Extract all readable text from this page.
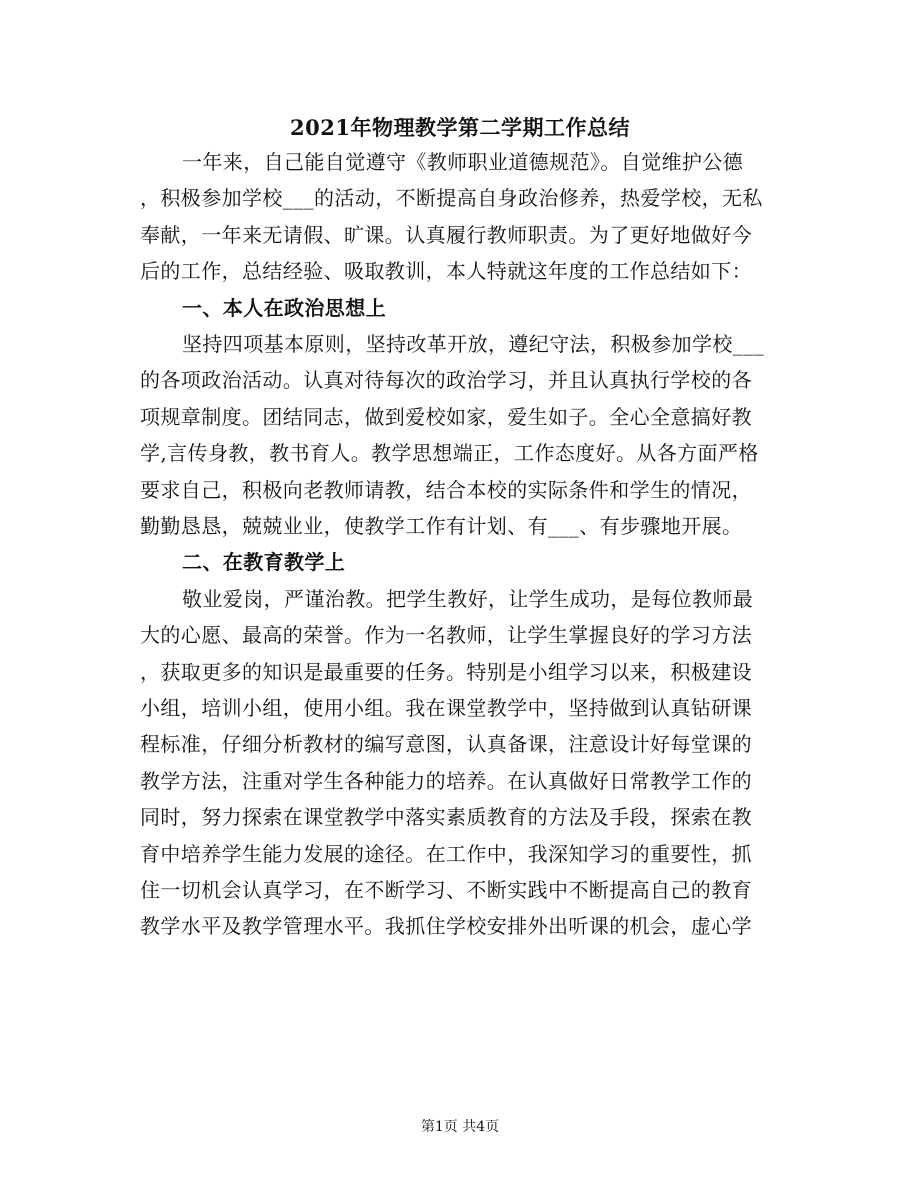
2021年物理教学第二学期工作总结
一年来，自己能自觉遵守《教师职业道德规范》。自觉维护公德
，积极参加学校___的活动，不断提高自身政治修养，热爱学校，无私
奉献，一年来无请假、旷课。认真履行教师职责。为了更好地做好今
后的工作，总结经验、吸取教训，本人特就这年度的工作总结如下：
一、本人在政治思想上
坚持四项基本原则，坚持改革开放，遵纪守法，积极参加学校___
的各项政治活动。认真对待每次的政治学习，并且认真执行学校的各
项规章制度。团结同志，做到爱校如家，爱生如子。全心全意搞好教
学,言传身教，教书育人。教学思想端正，工作态度好。从各方面严格
要求自己，积极向老教师请教，结合本校的实际条件和学生的情况，
勤勤恳恳，兢兢业业，使教学工作有计划、有___、有步骤地开展。
二、在教育教学上
敬业爱岗，严谨治教。把学生教好，让学生成功，是每位教师最
大的心愿、最高的荣誉。作为一名教师，让学生掌握良好的学习方法
，获取更多的知识是最重要的任务。特别是小组学习以来，积极建设
小组，培训小组，使用小组。我在课堂教学中，坚持做到认真钻研课
程标准，仔细分析教材的编写意图，认真备课，注意设计好每堂课的
教学方法，注重对学生各种能力的培养。在认真做好日常教学工作的
同时，努力探索在课堂教学中落实素质教育的方法及手段，探索在教
育中培养学生能力发展的途径。在工作中，我深知学习的重要性，抓
住一切机会认真学习，在不断学习、不断实践中不断提高自己的教育
教学水平及教学管理水平。我抓住学校安排外出听课的机会，虚心学
第1页 共4页
